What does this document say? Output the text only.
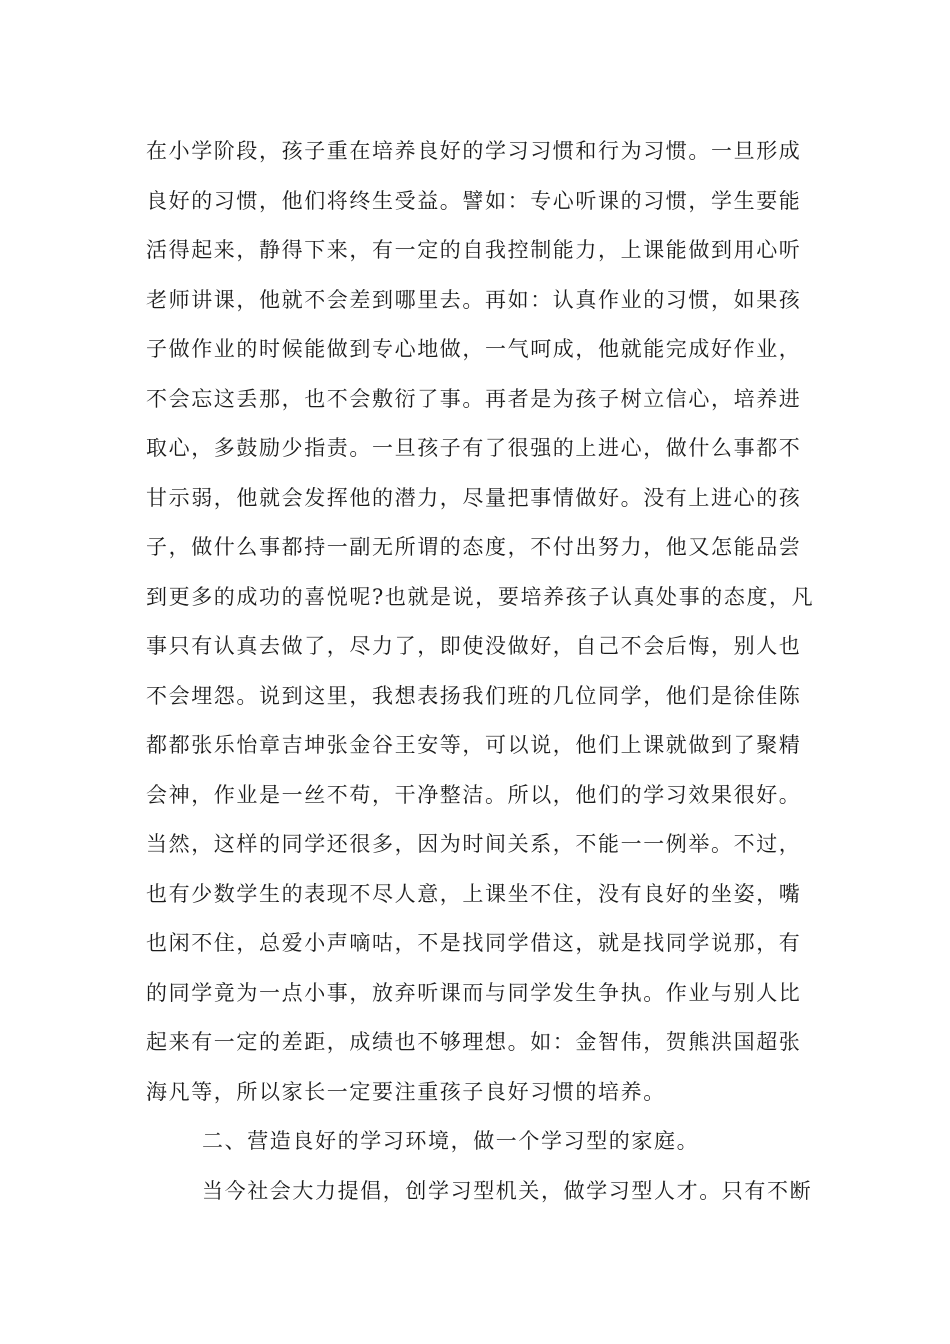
在小学阶段，孩子重在培养良好的学习习惯和行为习惯。一旦形成
良好的习惯，他们将终生受益。譬如：专心听课的习惯，学生要能
活得起来，静得下来，有一定的自我控制能力，上课能做到用心听
老师讲课，他就不会差到哪里去。再如：认真作业的习惯，如果孩
子做作业的时候能做到专心地做，一气呵成，他就能完成好作业，
不会忘这丢那，也不会敷衍了事。再者是为孩子树立信心，培养进
取心，多鼓励少指责。一旦孩子有了很强的上进心，做什么事都不
甘示弱，他就会发挥他的潜力，尽量把事情做好。没有上进心的孩
子，做什么事都持一副无所谓的态度，不付出努力，他又怎能品尝
到更多的成功的喜悦呢?也就是说，要培养孩子认真处事的态度，凡
事只有认真去做了，尽力了，即使没做好，自己不会后悔，别人也
不会埋怨。说到这里，我想表扬我们班的几位同学，他们是徐佳陈
都都张乐怡章吉坤张金谷王安等，可以说，他们上课就做到了聚精
会神，作业是一丝不苟，干净整洁。所以，他们的学习效果很好。
当然，这样的同学还很多，因为时间关系，不能一一例举。不过，
也有少数学生的表现不尽人意，上课坐不住，没有良好的坐姿，嘴
也闲不住，总爱小声嘀咕，不是找同学借这，就是找同学说那，有
的同学竟为一点小事，放弃听课而与同学发生争执。作业与别人比
起来有一定的差距，成绩也不够理想。如：金智伟，贺熊洪国超张
海凡等，所以家长一定要注重孩子良好习惯的培养。
二、营造良好的学习环境，做一个学习型的家庭。
当今社会大力提倡，创学习型机关，做学习型人才。只有不断
